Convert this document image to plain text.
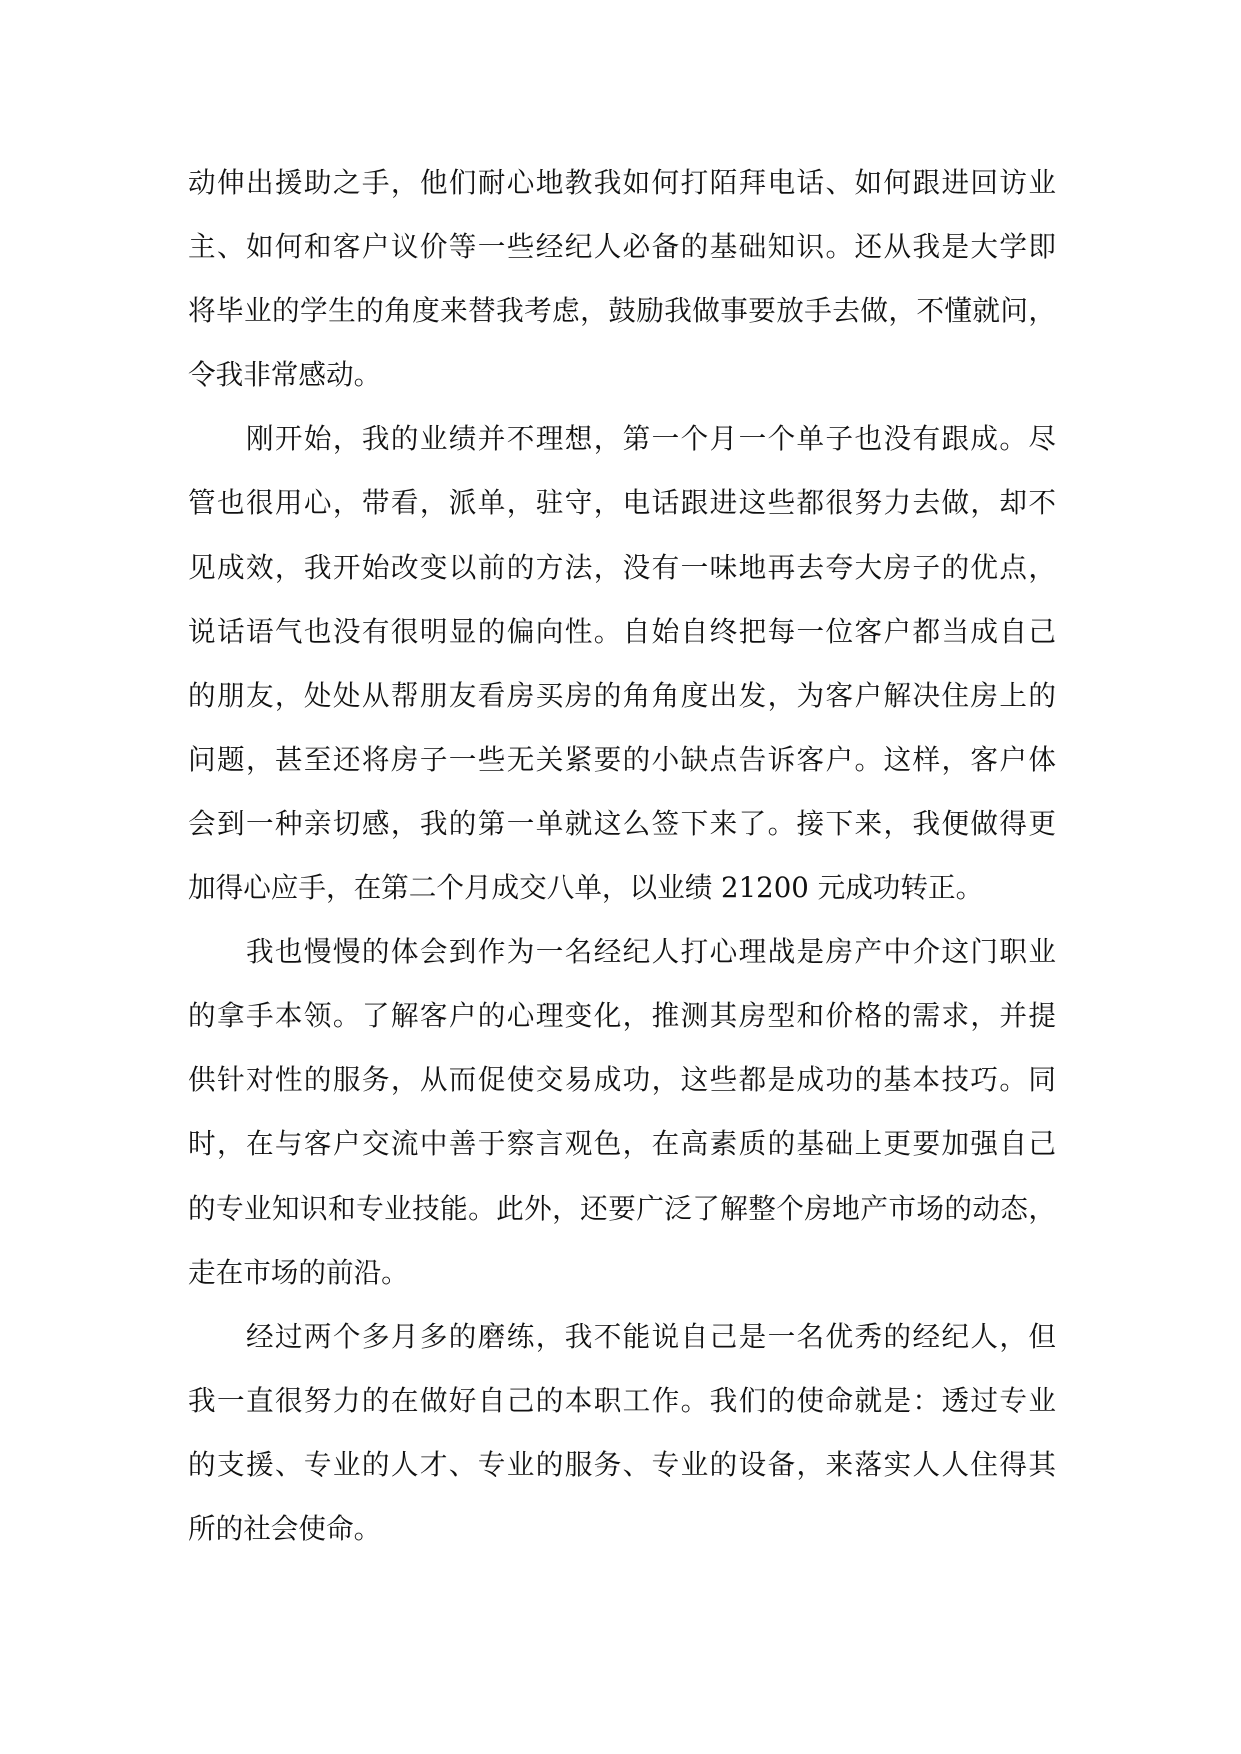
动伸出援助之手，他们耐心地教我如何打陌拜电话、如何跟进回访业
主、如何和客户议价等一些经纪人必备的基础知识。还从我是大学即
将毕业的学生的角度来替我考虑，鼓励我做事要放手去做，不懂就问，
令我非常感动。
　　刚开始，我的业绩并不理想，第一个月一个单子也没有跟成。尽
管也很用心，带看，派单，驻守，电话跟进这些都很努力去做，却不
见成效，我开始改变以前的方法，没有一味地再去夸大房子的优点，
说话语气也没有很明显的偏向性。自始自终把每一位客户都当成自己
的朋友，处处从帮朋友看房买房的角角度出发，为客户解决住房上的
问题，甚至还将房子一些无关紧要的小缺点告诉客户。这样，客户体
会到一种亲切感，我的第一单就这么签下来了。接下来，我便做得更
加得心应手，在第二个月成交八单，以业绩 21200 元成功转正。
　　我也慢慢的体会到作为一名经纪人打心理战是房产中介这门职业
的拿手本领。了解客户的心理变化，推测其房型和价格的需求，并提
供针对性的服务，从而促使交易成功，这些都是成功的基本技巧。同
时，在与客户交流中善于察言观色，在高素质的基础上更要加强自己
的专业知识和专业技能。此外，还要广泛了解整个房地产市场的动态，
走在市场的前沿。
　　经过两个多月多的磨练，我不能说自己是一名优秀的经纪人，但
我一直很努力的在做好自己的本职工作。我们的使命就是：透过专业
的支援、专业的人才、专业的服务、专业的设备，来落实人人住得其
所的社会使命。
